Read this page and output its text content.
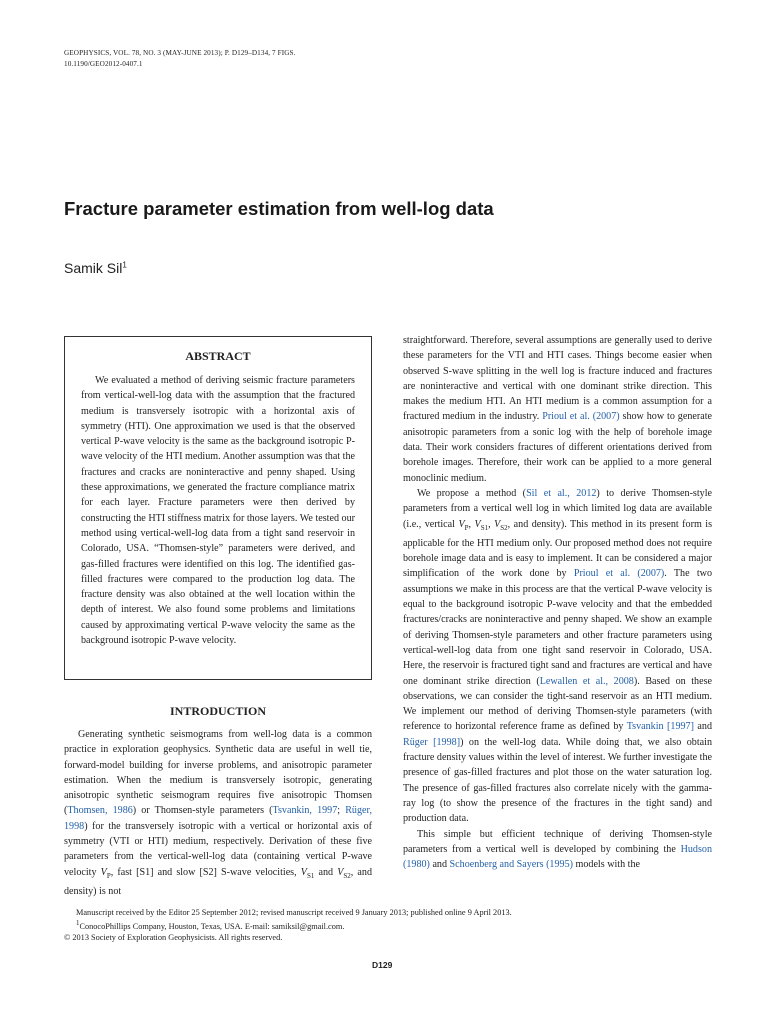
GEOPHYSICS, VOL. 78, NO. 3 (MAY-JUNE 2013); P. D129–D134, 7 FIGS.
10.1190/GEO2012-0407.1
Fracture parameter estimation from well-log data
Samik Sil$^1$
ABSTRACT

We evaluated a method of deriving seismic fracture parameters from vertical-well-log data with the assumption that the fractured medium is transversely isotropic with a horizontal axis of symmetry (HTI). One approximation we used is that the observed vertical P-wave velocity is the same as the background isotropic P-wave velocity of the HTI medium. Another assumption was that the fractures and cracks are noninteractive and penny shaped. Using these approximations, we generated the fracture compliance matrix for each layer. Fracture parameters were then derived by constructing the HTI stiffness matrix for those layers. We tested our method using vertical-well-log data from a tight sand reservoir in Colorado, USA. “Thomsen-style” parameters were derived, and gas-filled fractures were identified on this log. The identified gas-filled fractures were compared to the production log data. The fracture density was also obtained at the well location within the depth of interest. We also found some problems and limitations caused by approximating vertical P-wave velocity the same as the background isotropic P-wave velocity.

INTRODUCTION

Generating synthetic seismograms from well-log data is a common practice in exploration geophysics. Synthetic data are useful in well tie, forward-model building for inverse problems, and anisotropic parameter estimation. When the medium is transversely isotropic, generating anisotropic synthetic seismogram requires five anisotropic Thomsen (Thomsen, 1986) or Thomsen-style parameters (Tsvankin, 1997; Rüger, 1998) for the transversely isotropic with a vertical or horizontal axis of symmetry (VTI or HTI) medium, respectively. Derivation of these five parameters from the vertical-well-log data (containing vertical P-wave velocity $V_P$, fast [S1] and slow [S2] S-wave velocities, $V_{S1}$ and $V_{S2}$, and density) is not

straightforward. Therefore, several assumptions are generally used to derive these parameters for the VTI and HTI cases. Things become easier when observed S-wave splitting in the well log is fracture induced and fractures are noninteractive and vertical with one dominant strike direction. This makes the medium HTI. An HTI medium is a common assumption for a fractured medium in the industry. Prioul et al. (2007) show how to generate anisotropic parameters from a sonic log with the help of borehole image data. Their work considers fractures of different orientations derived from borehole images. Therefore, their work can be applied to a more general monoclinic medium.

We propose a method (Sil et al., 2012) to derive Thomsen-style parameters from a vertical well log in which limited log data are available (i.e., vertical $V_P$, $V_{S1}$, $V_{S2}$, and density). This method in its present form is applicable for the HTI medium only. Our proposed method does not require borehole image data and is easy to implement. It can be considered a major simplification of the work done by Prioul et al. (2007). The two assumptions we make in this process are that the vertical P-wave velocity is equal to the background isotropic P-wave velocity and that the embedded fractures/cracks are noninteractive and penny shaped. We show an example of deriving Thomsen-style parameters and other fracture parameters using vertical-well-log data from one tight sand reservoir in Colorado, USA. Here, the reservoir is fractured tight sand and fractures are vertical and have one dominant strike direction (Lewallen et al., 2008). Based on these observations, we can consider the tight-sand reservoir as an HTI medium. We implement our method of deriving Thomsen-style parameters (with reference to horizontal reference frame as defined by Tsvankin [1997] and Rüger [1998]) on the well-log data. While doing that, we also obtain fracture density values within the level of interest. We further investigate the presence of gas-filled fractures and plot those on the water saturation log. The presence of gas-filled fractures also correlate nicely with the gamma-ray log (to show the presence of the fractures in the tight sand) and production data.

This simple but efficient technique of deriving Thomsen-style parameters from a vertical well is developed by combining the Hudson (1980) and Schoenberg and Sayers (1995) models with the

Manuscript received by the Editor 25 September 2012; revised manuscript received 9 January 2013; published online 9 April 2013.
$^1$ConocoPhillips Company, Houston, Texas, USA. E-mail: samiksil@gmail.com.
© 2013 Society of Exploration Geophysicists. All rights reserved.
D129
